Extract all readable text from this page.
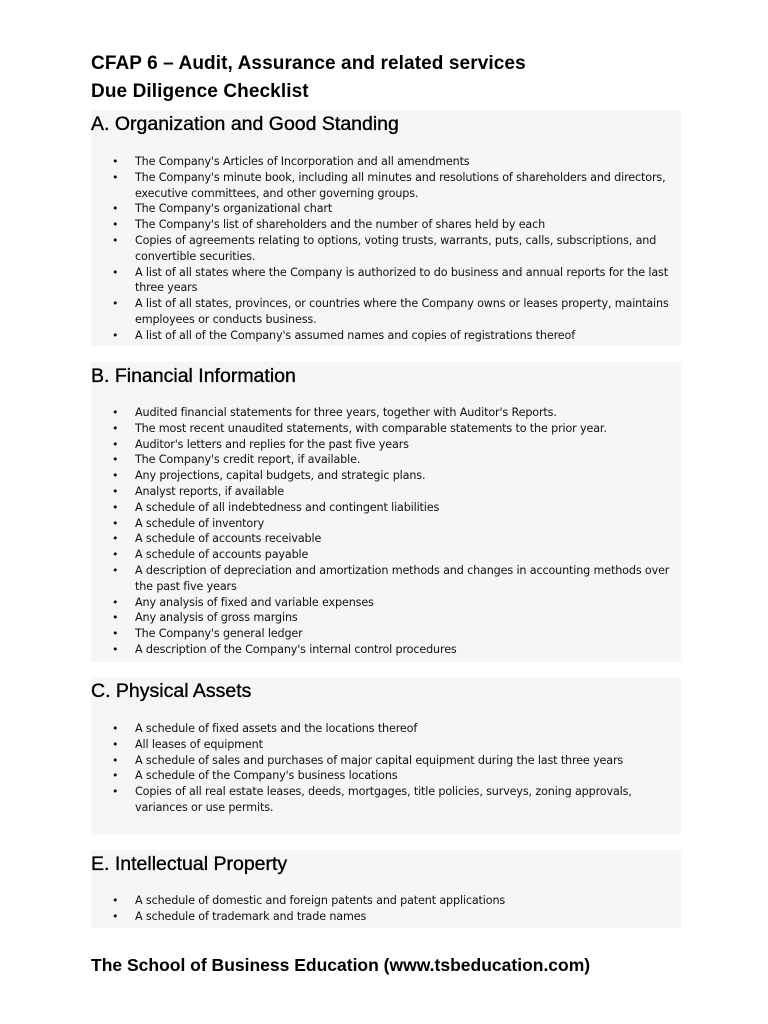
CFAP 6 – Audit, Assurance and related services
Due Diligence Checklist
A. Organization and Good Standing
• The Company's Articles of Incorporation and all amendments
• The Company's minute book, including all minutes and resolutions of shareholders and directors, executive committees, and other governing groups.
• The Company's organizational chart
• The Company's list of shareholders and the number of shares held by each
• Copies of agreements relating to options, voting trusts, warrants, puts, calls, subscriptions, and convertible securities.
• A list of all states where the Company is authorized to do business and annual reports for the last three years
• A list of all states, provinces, or countries where the Company owns or leases property, maintains employees or conducts business.
• A list of all of the Company's assumed names and copies of registrations thereof
B. Financial Information
• Audited financial statements for three years, together with Auditor's Reports.
• The most recent unaudited statements, with comparable statements to the prior year.
• Auditor's letters and replies for the past five years
• The Company's credit report, if available.
• Any projections, capital budgets, and strategic plans.
• Analyst reports, if available
• A schedule of all indebtedness and contingent liabilities
• A schedule of inventory
• A schedule of accounts receivable
• A schedule of accounts payable
• A description of depreciation and amortization methods and changes in accounting methods over the past five years
• Any analysis of fixed and variable expenses
• Any analysis of gross margins
• The Company's general ledger
• A description of the Company's internal control procedures
C. Physical Assets
• A schedule of fixed assets and the locations thereof
• All leases of equipment
• A schedule of sales and purchases of major capital equipment during the last three years
• A schedule of the Company's business locations
• Copies of all real estate leases, deeds, mortgages, title policies, surveys, zoning approvals, variances or use permits.
E. Intellectual Property
• A schedule of domestic and foreign patents and patent applications
• A schedule of trademark and trade names
The School of Business Education (www.tsbeducation.com)
